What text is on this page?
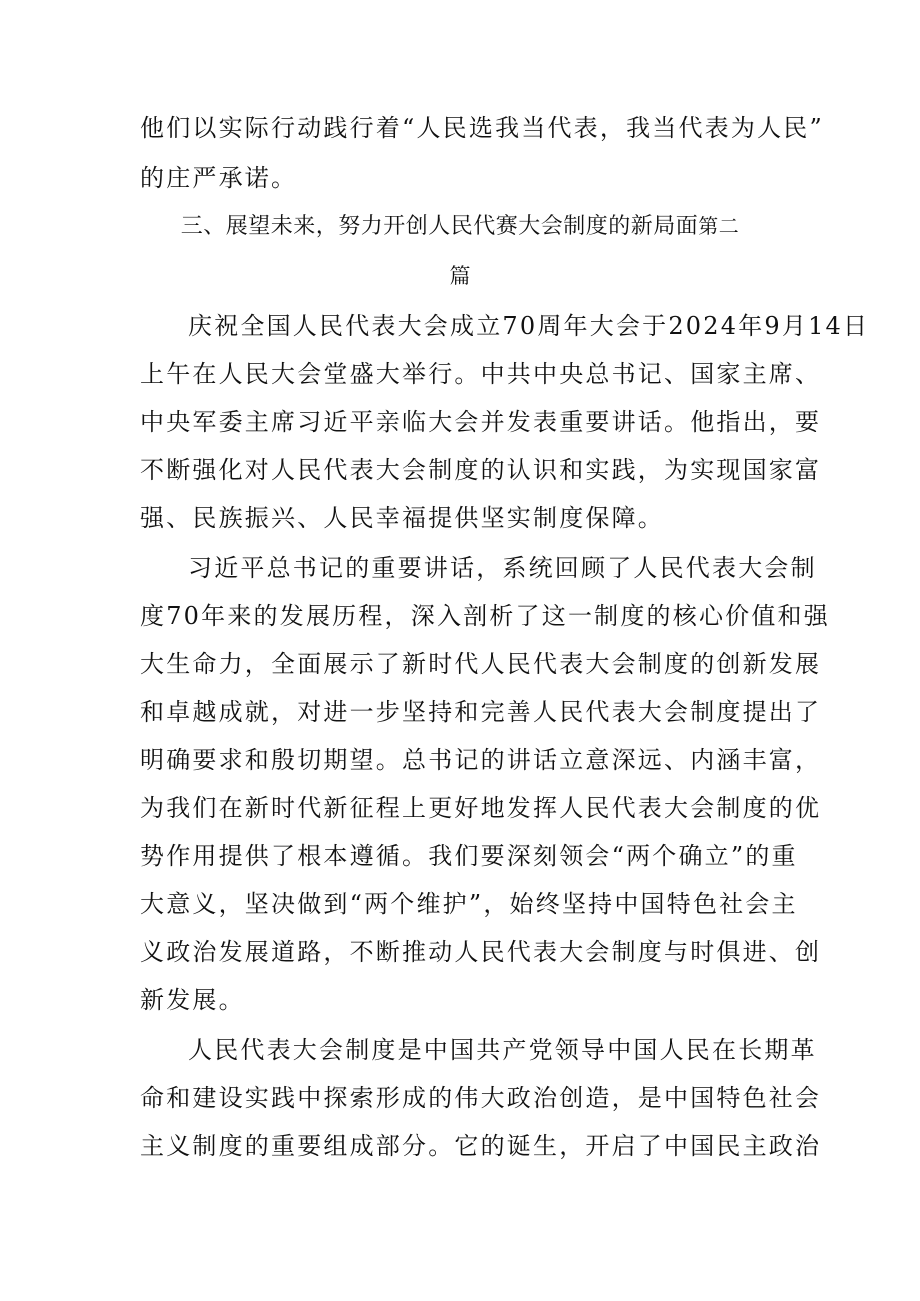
他们以实际行动践行着“人民选我当代表，我当代表为人民”
的庄严承诺。
三、展望未来，努力开创人民代赛大会制度的新局面第二
篇
庆祝全国人民代表大会成立70周年大会于2024年9月14日
上午在人民大会堂盛大举行。中共中央总书记、国家主席、
中央军委主席习近平亲临大会并发表重要讲话。他指出，要
不断强化对人民代表大会制度的认识和实践，为实现国家富
强、民族振兴、人民幸福提供坚实制度保障。
习近平总书记的重要讲话，系统回顾了人民代表大会制
度70年来的发展历程，深入剖析了这一制度的核心价值和强
大生命力，全面展示了新时代人民代表大会制度的创新发展
和卓越成就，对进一步坚持和完善人民代表大会制度提出了
明确要求和殷切期望。总书记的讲话立意深远、内涵丰富，
为我们在新时代新征程上更好地发挥人民代表大会制度的优
势作用提供了根本遵循。我们要深刻领会“两个确立”的重
大意义，坚决做到“两个维护”，始终坚持中国特色社会主
义政治发展道路，不断推动人民代表大会制度与时俱进、创
新发展。
人民代表大会制度是中国共产党领导中国人民在长期革
命和建设实践中探索形成的伟大政治创造，是中国特色社会
主义制度的重要组成部分。它的诞生，开启了中国民主政治
